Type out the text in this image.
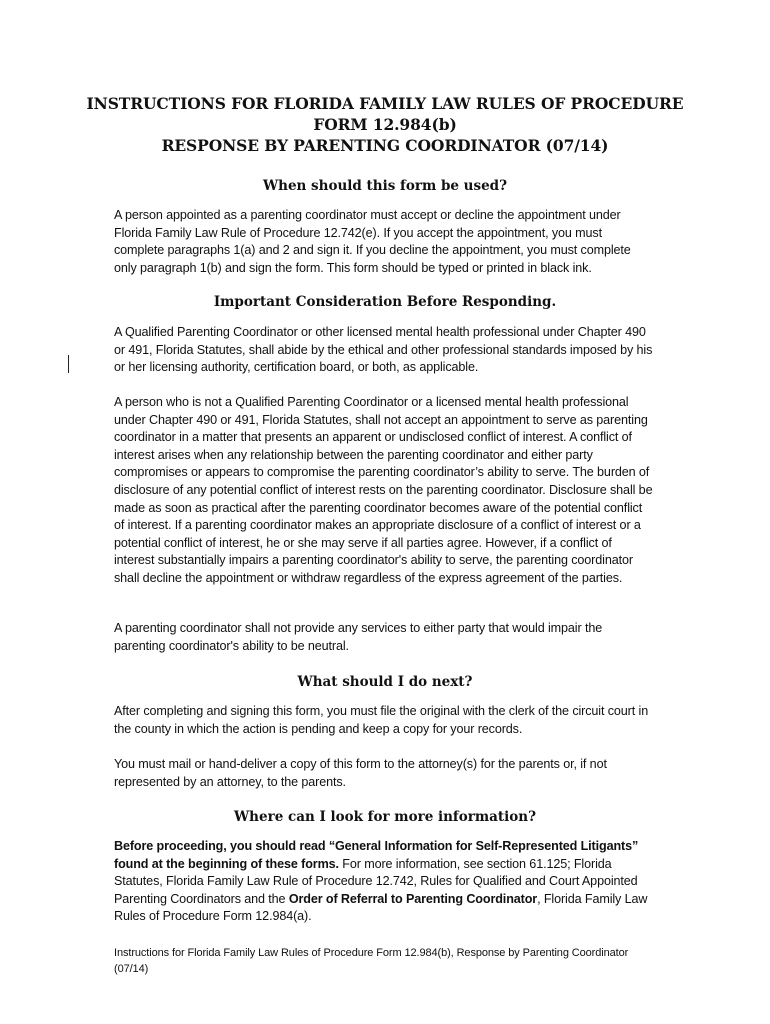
INSTRUCTIONS FOR FLORIDA FAMILY LAW RULES OF PROCEDURE
FORM 12.984(b)
RESPONSE BY PARENTING COORDINATOR (07/14)
When should this form be used?

A person appointed as a parenting coordinator must accept or decline the appointment under Florida Family Law Rule of Procedure 12.742(e). If you accept the appointment, you must complete paragraphs 1(a) and 2 and sign it. If you decline the appointment, you must complete only paragraph 1(b) and sign the form. This form should be typed or printed in black ink.

Important Consideration Before Responding.

A Qualified Parenting Coordinator or other licensed mental health professional under Chapter 490 or 491, Florida Statutes, shall abide by the ethical and other professional standards imposed by his or her licensing authority, certification board, or both, as applicable.

A person who is not a Qualified Parenting Coordinator or a licensed mental health professional under Chapter 490 or 491, Florida Statutes, shall not accept an appointment to serve as parenting coordinator in a matter that presents an apparent or undisclosed conflict of interest. A conflict of interest arises when any relationship between the parenting coordinator and either party compromises or appears to compromise the parenting coordinator’s ability to serve. The burden of disclosure of any potential conflict of interest rests on the parenting coordinator. Disclosure shall be made as soon as practical after the parenting coordinator becomes aware of the potential conflict of interest. If a parenting coordinator makes an appropriate disclosure of a conflict of interest or a potential conflict of interest, he or she may serve if all parties agree. However, if a conflict of interest substantially impairs a parenting coordinator's ability to serve, the parenting coordinator shall decline the appointment or withdraw regardless of the express agreement of the parties.

A parenting coordinator shall not provide any services to either party that would impair the parenting coordinator's ability to be neutral.

What should I do next?

After completing and signing this form, you must file the original with the clerk of the circuit court in the county in which the action is pending and keep a copy for your records.

You must mail or hand-deliver a copy of this form to the attorney(s) for the parents or, if not represented by an attorney, to the parents.

Where can I look for more information?

Before proceeding, you should read “General Information for Self-Represented Litigants” found at the beginning of these forms. For more information, see section 61.125; Florida Statutes, Florida Family Law Rule of Procedure 12.742, Rules for Qualified and Court Appointed Parenting Coordinators and the Order of Referral to Parenting Coordinator, Florida Family Law Rules of Procedure Form 12.984(a).

Instructions for Florida Family Law Rules of Procedure Form 12.984(b), Response by Parenting Coordinator (07/14)
